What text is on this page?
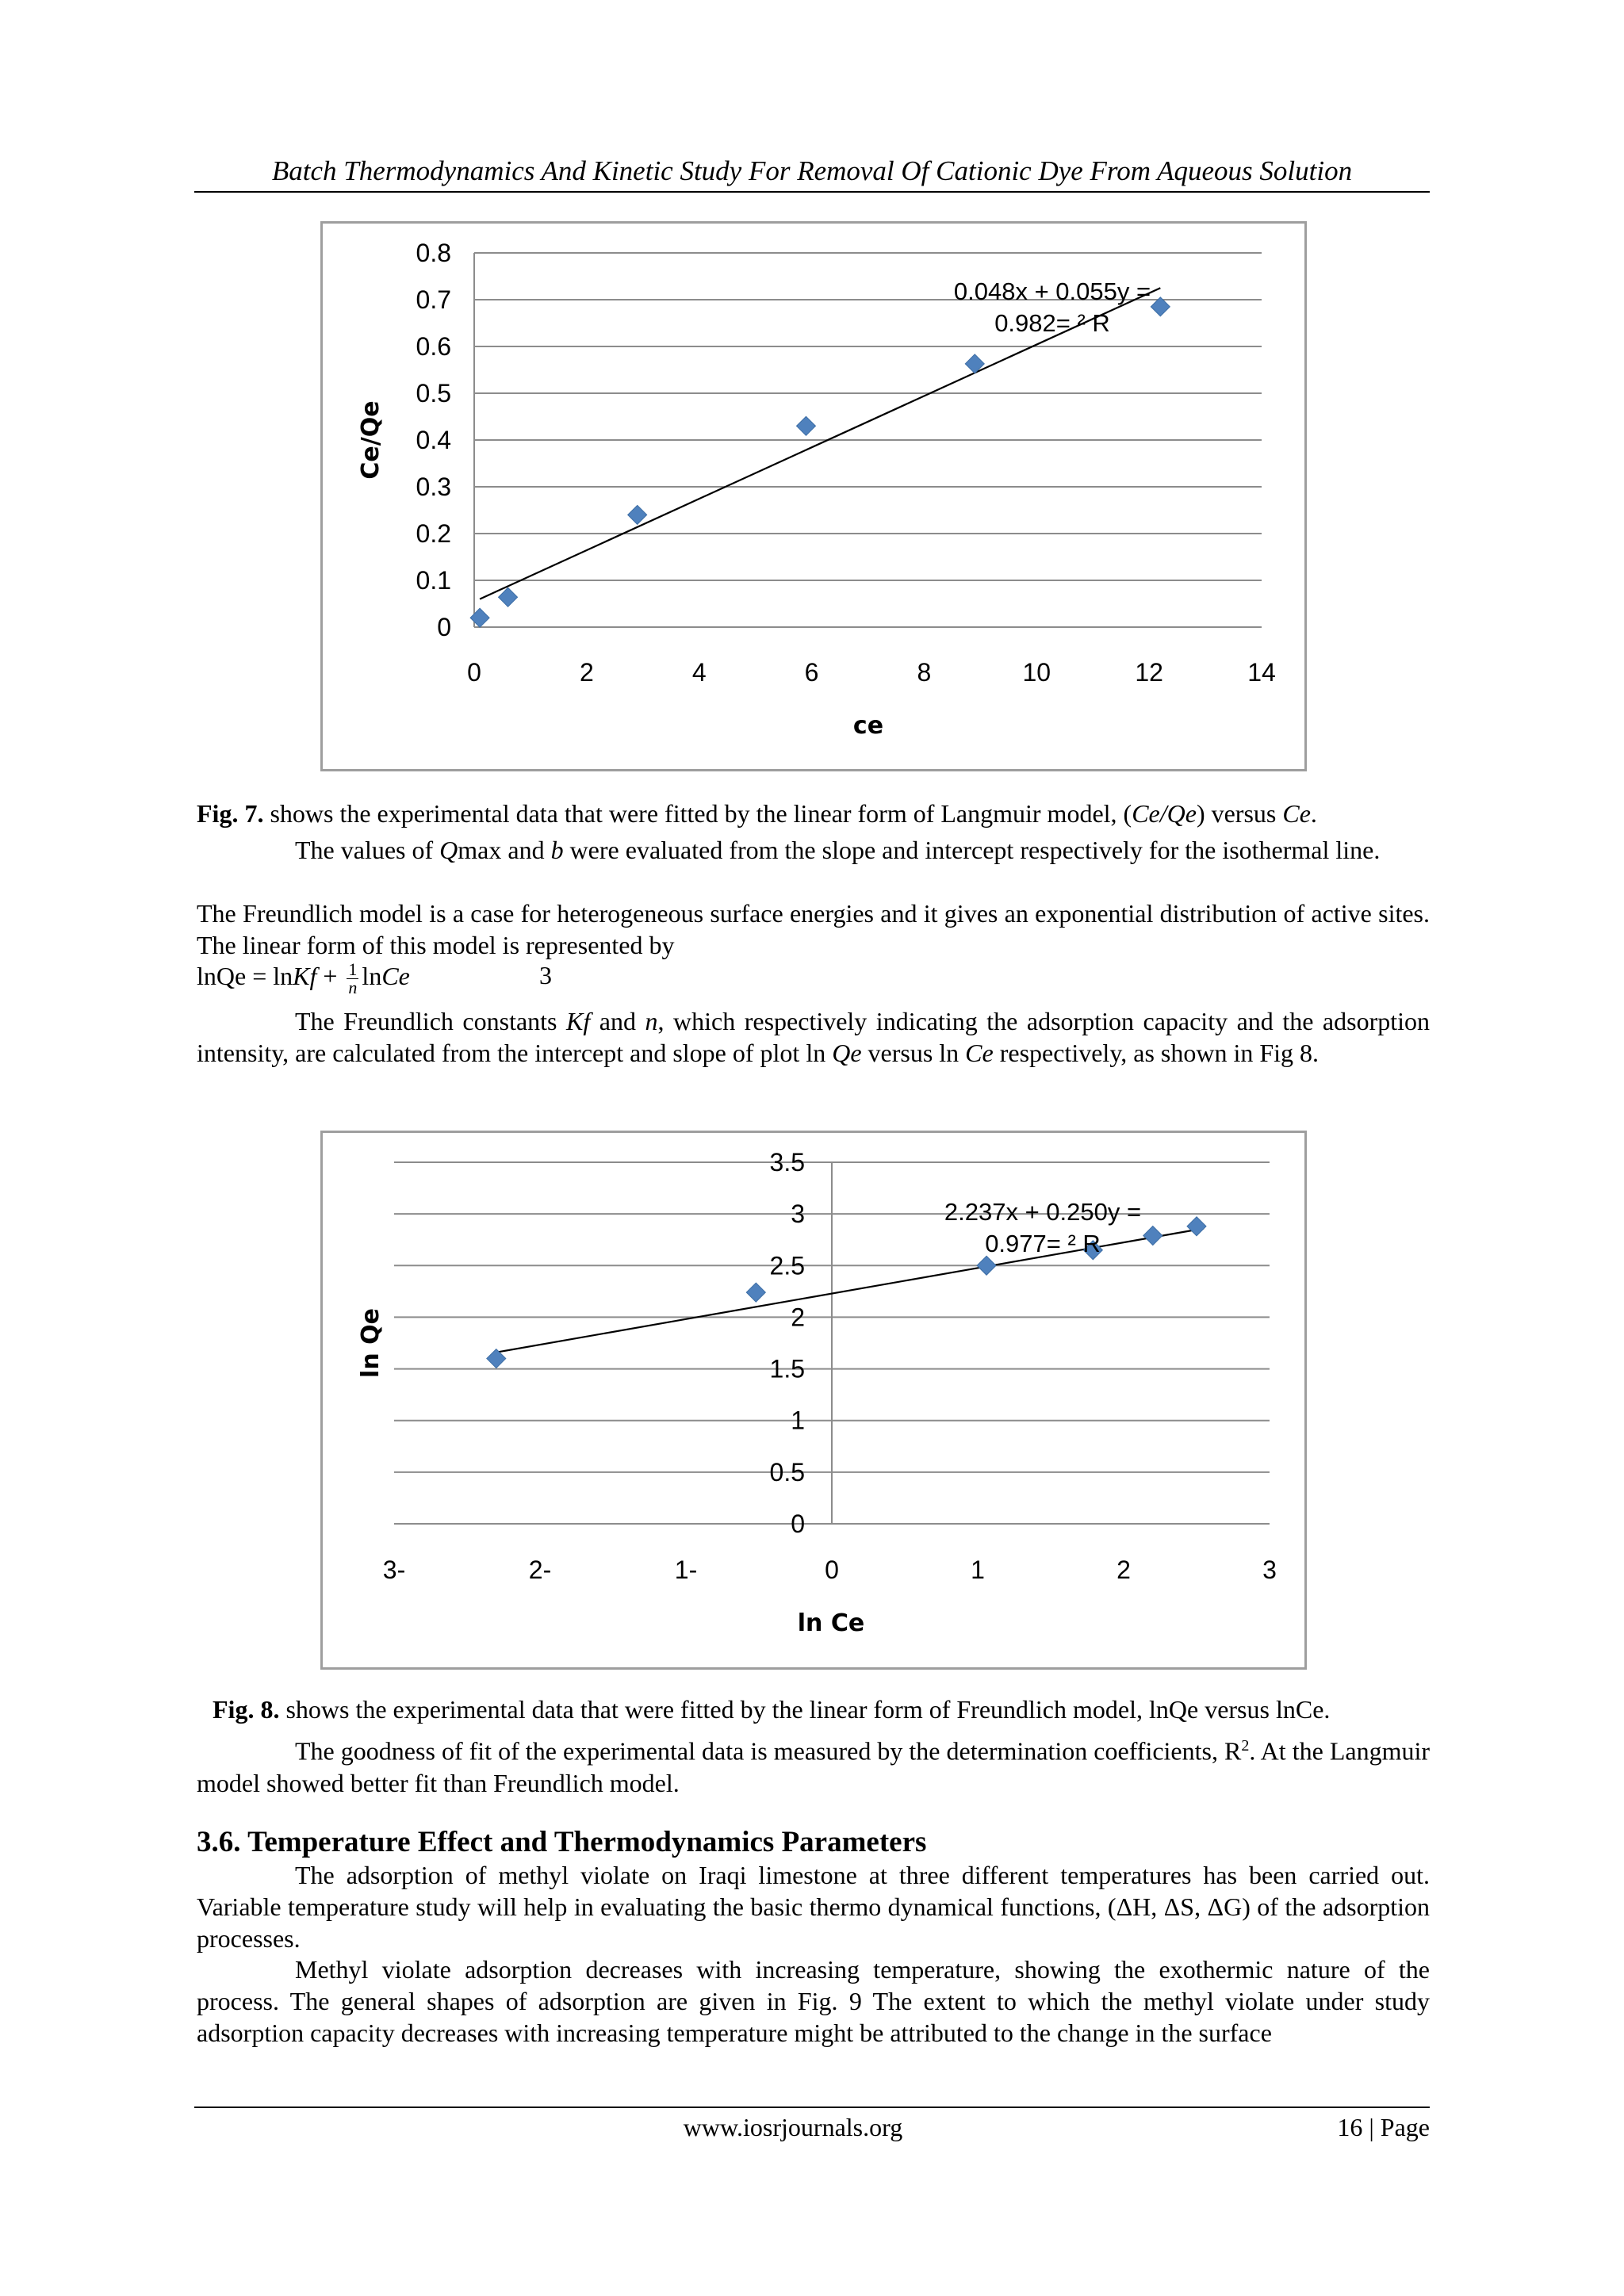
Batch Thermodynamics And Kinetic Study For Removal Of Cationic Dye From Aqueous Solution
0
0.1
0.2
0.3
0.4
0.5
0.6
0.7
0.8
0	2	4	6	8	10	12	14
0.048x + 0.055y =
0.982= ² R
ce
Ce/Qe

Fig. 7. shows the experimental data that were fitted by the linear form of Langmuir model, (Ce/Qe) versus Ce.

The values of Qmax and b were evaluated from the slope and intercept respectively for the isothermal line.

The Freundlich model is a case for heterogeneous surface energies and it gives an exponential distribution of active sites. The linear form of this model is represented by

lnQe = lnKf + $\frac{1}{n}$ lnCe	3

The Freundlich constants Kf and n, which respectively indicating the adsorption capacity and the adsorption intensity, are calculated from the intercept and slope of plot ln Qe versus ln Ce respectively, as shown in Fig 8.

0
0.5
1
1.5
2
2.5
3
3.5
3-	2-	1-	0	1	2	3
2.237x + 0.250y =
0.977= ² R
ln Ce
ln Qe

Fig. 8. shows the experimental data that were fitted by the linear form of Freundlich model, lnQe versus lnCe.

The goodness of fit of the experimental data is measured by the determination coefficients, $R^2$. At the Langmuir model showed better fit than Freundlich model.

3.6. Temperature Effect and Thermodynamics Parameters

The adsorption of methyl violate on Iraqi limestone at three different temperatures has been carried out. Variable temperature study will help in evaluating the basic thermo dynamical functions, (ΔH, ΔS, ΔG) of the adsorption processes.

Methyl violate adsorption decreases with increasing temperature, showing the exothermic nature of the process. The general shapes of adsorption are given in Fig. 9 The extent to which the methyl violate under study adsorption capacity decreases with increasing temperature might be attributed to the change in the surface

www.iosrjournals.org	16 | Page
